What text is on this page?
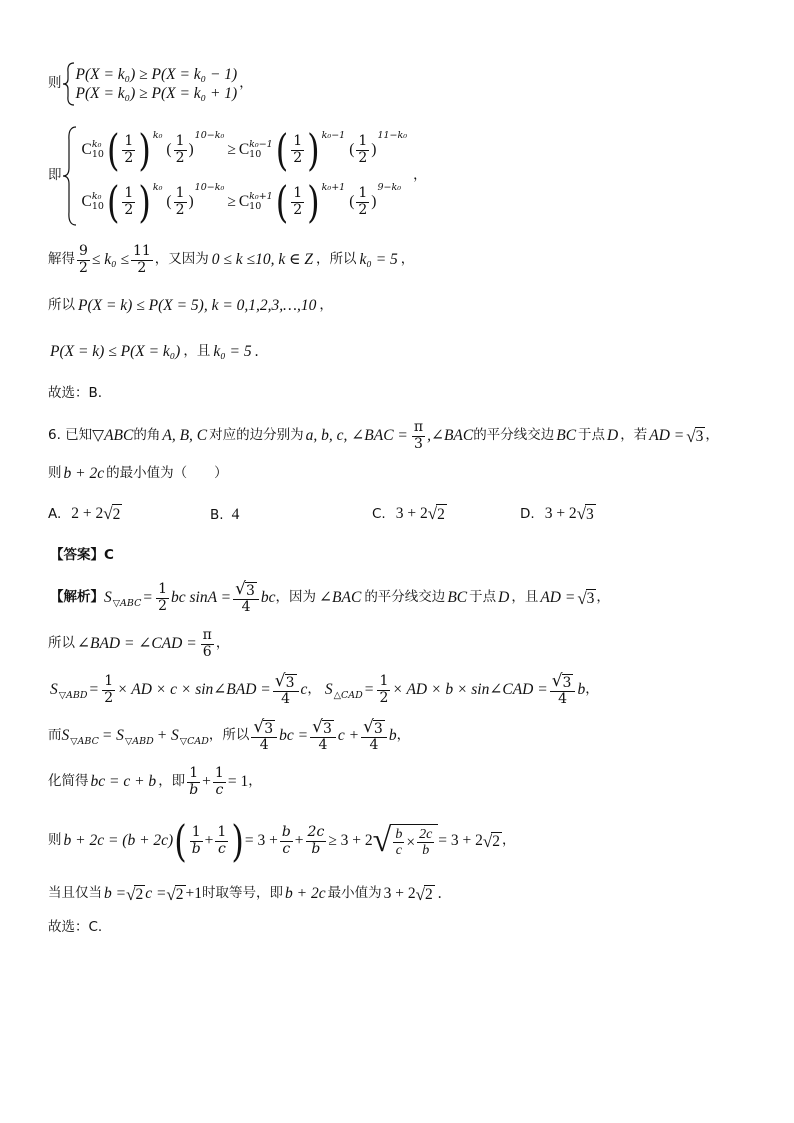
则
P(X = k₀) ≥ P(X = k₀ − 1)
P(X = k₀) ≥ P(X = k₀ + 1)
，
即
C k₀
10 ( $\frac{1}{2}$ ) k₀
( $\frac{1}{2}$ )
10−k₀
≥ C k₀−1
10 ( $\frac{1}{2}$ ) k₀−1
( $\frac{1}{2}$ )
11−k₀
C k₀
10 ( $\frac{1}{2}$ ) k₀
( $\frac{1}{2}$ )
10−k₀
≥ C k₀+1
10 ( $\frac{1}{2}$ ) k₀+1
( $\frac{1}{2}$ )
9−k₀
，
解得 $\frac{9}{2} \le k_0 \le \frac{11}{2}$ ，又因为 0 ≤ k ≤10, k ∈ Z ，所以 k₀ = 5 ，
所以 P(X = k) ≤ P(X = 5), k = 0,1,2,3,…,10 ，
P(X = k) ≤ P(X = k₀) ，且 k₀ = 5 .
故选：B.
6. 已知 ▽ABC 的角 A, B, C 对应的边分别为 a, b, c, ∠BAC = $\frac{\pi}{3}$ ,∠BAC 的平分线交边 BC 于点 D ，若 AD = √ 3 ，
则 b + 2c 的最小值为（　　）
A. 2 + 2 √ 2	B. 4	C. 3 + 2 √ 2	D. 3 + 2 √ 3
【答案】C
【解析】 S ▽ABC = $\frac{1}{2}$ bc $\sin A = \frac{√ 3}{4}$ bc ，因为 ∠BAC 的平分线交边 BC 于点 D ，且 AD = √ 3 ，
所以 ∠BAD = ∠CAD = $\frac{\pi}{6}$ ，
S ▽ABD = $\frac{1}{2}$ × AD × c × sin∠BAD = $\frac{√ 3}{4}$ c ， S △CAD = $\frac{1}{2}$ × AD × b × sin∠CAD = $\frac{√ 3}{4}$ b ，
而 S ▽ABC = S ▽ABD + S ▽CAD ，所以 $\frac{√ 3}{4}$ bc = $\frac{√ 3}{4}$ $c + \frac{√ 3}{4}$ b ，
化简得 bc = c + b ，即 $\frac{1}{b} + \frac{1}{c} = 1$ ，
则 b + 2c = (b + 2c) ( $\frac{1}{b} + \frac{1}{c}$ ) = $3 + \frac{b}{c} + \frac{2c}{b} \ge 3 + 2$ √ $\frac{b}{c} \times \frac{2c}{b} = 3 + 2$ √ 2 ，
当且仅当 b = √ 2 c = √ 2 +1 时取等号，即 b + 2c 最小值为 3 + 2 √ 2 .
故选：C.
